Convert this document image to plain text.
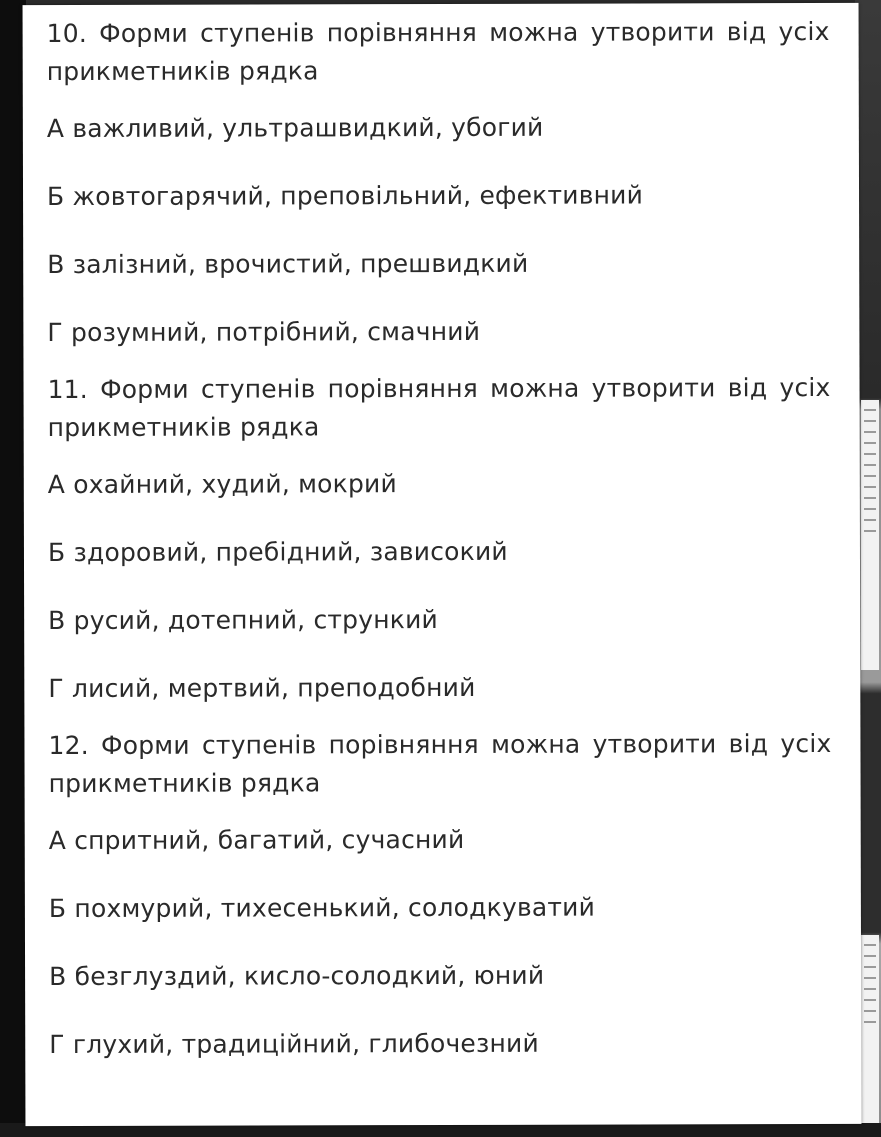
10. Форми ступенів порівняння можна утворити від усіх прикметників рядка

А важливий, ультрашвидкий, убогий
Б жовтогарячий, преповільний, ефективний
В залізний, врочистий, прешвидкий
Г розумний, потрібний, смачний

11. Форми ступенів порівняння можна утворити від усіх прикметників рядка

А охайний, худий, мокрий
Б здоровий, пребідний, зависокий
В русий, дотепний, стрункий
Г лисий, мертвий, преподобний

12. Форми ступенів порівняння можна утворити від усіх прикметників рядка

А спритний, багатий, сучасний
Б похмурий, тихесенький, солодкуватий
В безглуздий, кисло-солодкий, юний
Г глухий, традиційний, глибочезний
